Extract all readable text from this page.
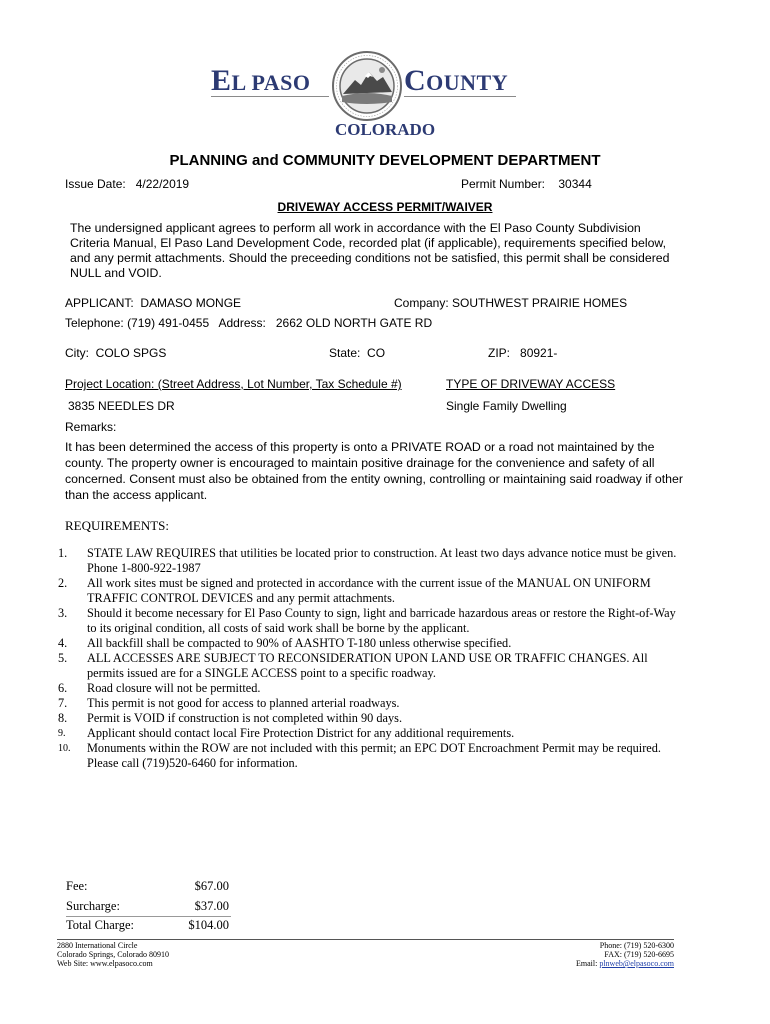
EL PASO	COUNTY
COLORADO
PLANNING and COMMUNITY DEVELOPMENT DEPARTMENT
Issue Date: 4/22/2019	Permit Number: 30344
DRIVEWAY ACCESS PERMIT/WAIVER
The undersigned applicant agrees to perform all work in accordance with the El Paso County Subdivision Criteria Manual, El Paso Land Development Code, recorded plat (if applicable), requirements specified below, and any permit attachments. Should the preceeding conditions not be satisfied, this permit shall be considered NULL and VOID.
APPLICANT: DAMASO MONGE	Company: SOUTHWEST PRAIRIE HOMES
Telephone: (719) 491-0455 Address: 2662 OLD NORTH GATE RD
City: COLO SPGS	State: CO	ZIP: 80921-
Project Location: (Street Address, Lot Number, Tax Schedule #)	TYPE OF DRIVEWAY ACCESS
3835 NEEDLES DR	Single Family Dwelling
Remarks:
It has been determined the access of this property is onto a PRIVATE ROAD or a road not maintained by the county. The property owner is encouraged to maintain positive drainage for the convenience and safety of all concerned. Consent must also be obtained from the entity owning, controlling or maintaining said roadway if other than the access applicant.
REQUIREMENTS:
1.	STATE LAW REQUIRES that utilities be located prior to construction. At least two days advance notice must be given. Phone 1-800-922-1987
2.	All work sites must be signed and protected in accordance with the current issue of the MANUAL ON UNIFORM TRAFFIC CONTROL DEVICES and any permit attachments.
3.	Should it become necessary for El Paso County to sign, light and barricade hazardous areas or restore the Right-of-Way to its original condition, all costs of said work shall be borne by the applicant.
4.	All backfill shall be compacted to 90% of AASHTO T-180 unless otherwise specified.
5.	ALL ACCESSES ARE SUBJECT TO RECONSIDERATION UPON LAND USE OR TRAFFIC CHANGES. All permits issued are for a SINGLE ACCESS point to a specific roadway.
6.	Road closure will not be permitted.
7.	This permit is not good for access to planned arterial roadways.
8.	Permit is VOID if construction is not completed within 90 days.
9.	Applicant should contact local Fire Protection District for any additional requirements.
10.	Monuments within the ROW are not included with this permit; an EPC DOT Encroachment Permit may be required. Please call (719)520-6460 for information.
Fee:	$67.00
Surcharge:	$37.00
Total Charge:	$104.00
2880 International Circle
Colorado Springs, Colorado 80910
Web Site: www.elpasoco.com
Phone: (719) 520-6300
FAX: (719) 520-6695
Email: plnweb@elpasoco.com
